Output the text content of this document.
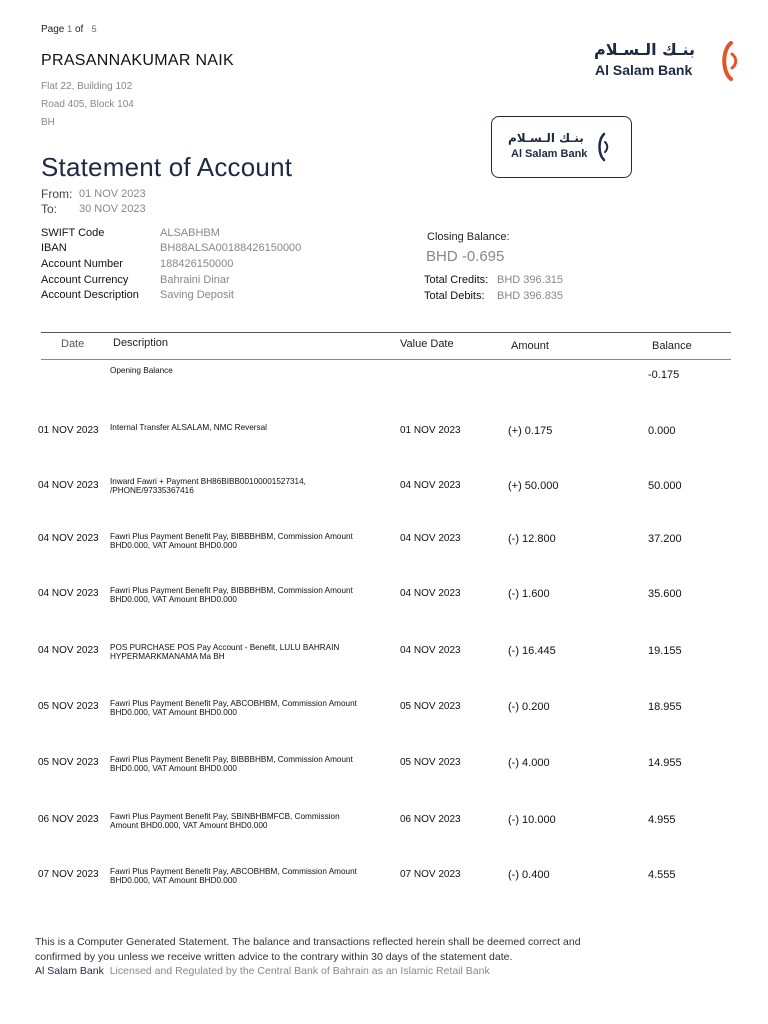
Page 1 of 5
PRASANNAKUMAR NAIK
Flat 22, Building 102
Road 405, Block 104
BH
بنـك الـسـلام
Al Salam Bank
بنـك الـسـلام
Al Salam Bank
Statement of Account
From: 01 NOV 2023
To: 30 NOV 2023
SWIFT Code	ALSABHBM
IBAN	BH88ALSA00188426150000
Account Number	188426150000
Account Currency	Bahraini Dinar
Account Description Saving Deposit
Closing Balance:
BHD -0.695
Total Credits: BHD 396.315
Total Debits: BHD 396.835
Date	Description	Value Date	Amount	Balance
Opening Balance	-0.175
01 NOV 2023 Internal Transfer ALSALAM, NMC Reversal	01 NOV 2023	(+) 0.175	0.000
04 NOV 2023 Inward Fawri + Payment BH86BIBB00100001527314,
/PHONE/97335367416	04 NOV 2023	(+) 50.000	50.000
04 NOV 2023 Fawri Plus Payment Benefit Pay, BIBBBHBM, Commission Amount
BHD0.000, VAT Amount BHD0.000
04 NOV 2023	(-) 12.800	37.200
04 NOV 2023 Fawri Plus Payment Benefit Pay, BIBBBHBM, Commission Amount
BHD0.000, VAT Amount BHD0.000
04 NOV 2023	(-) 1.600	35.600
04 NOV 2023 POS PURCHASE POS Pay Account - Benefit, LULU BAHRAIN
HYPERMARKMANAMA Ma BH
04 NOV 2023	(-) 16.445	19.155
05 NOV 2023 Fawri Plus Payment Benefit Pay, ABCOBHBM, Commission Amount
BHD0.000, VAT Amount BHD0.000
05 NOV 2023	(-) 0.200	18.955
05 NOV 2023 Fawri Plus Payment Benefit Pay, BIBBBHBM, Commission Amount
BHD0.000, VAT Amount BHD0.000
05 NOV 2023	(-) 4.000	14.955
06 NOV 2023 Fawri Plus Payment Benefit Pay, SBINBHBMFCB, Commission
Amount BHD0.000, VAT Amount BHD0.000
06 NOV 2023	(-) 10.000	4.955
07 NOV 2023 Fawri Plus Payment Benefit Pay, ABCOBHBM, Commission Amount
BHD0.000, VAT Amount BHD0.000
07 NOV 2023	(-) 0.400	4.555
This is a Computer Generated Statement. The balance and transactions reflected herein shall be deemed correct and
confirmed by you unless we receive written advice to the contrary within 30 days of the statement date.
Al Salam Bank Licensed and Regulated by the Central Bank of Bahrain as an Islamic Retail Bank
